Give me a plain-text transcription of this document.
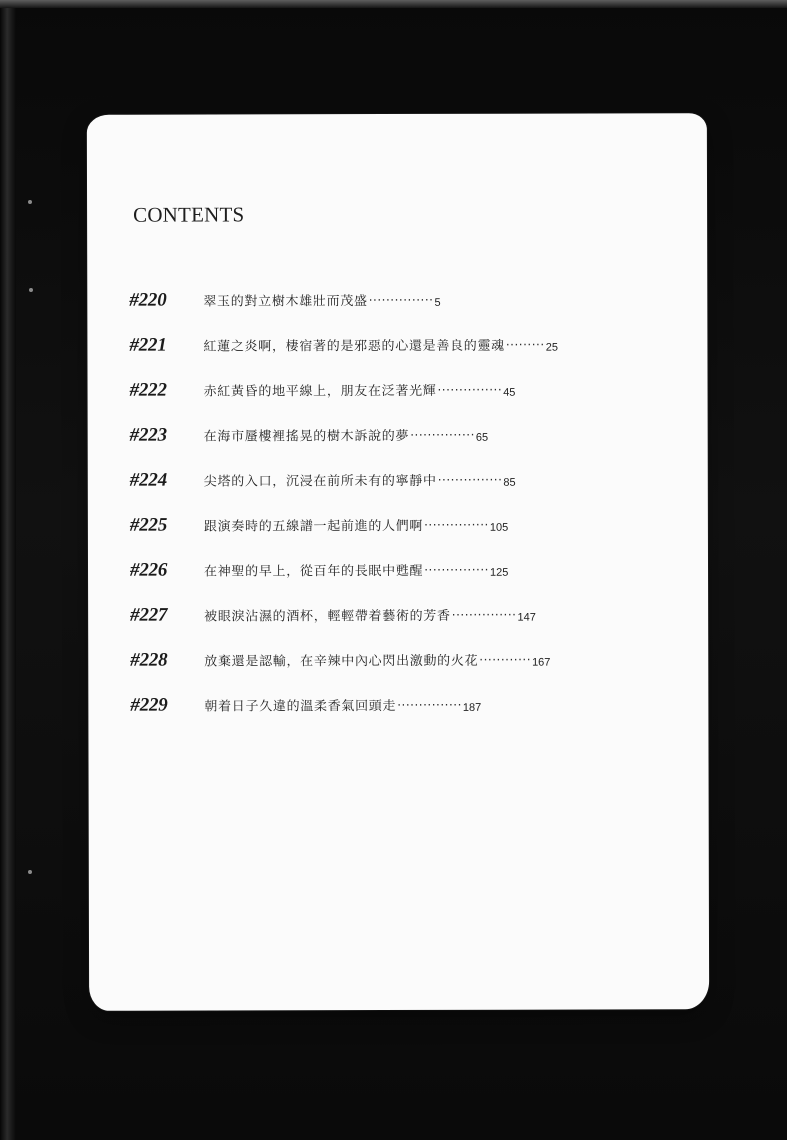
CONTENTS
#220	翠玉的對立樹木雄壯而茂盛 ··············· 5
#221	紅蓮之炎啊，棲宿著的是邪惡的心還是善良的靈魂 ········· 25
#222	赤紅黃昏的地平線上，朋友在泛著光輝 ··············· 45
#223	在海市蜃樓裡搖晃的樹木訴說的夢 ··············· 65
#224	尖塔的入口，沉浸在前所未有的寧靜中 ··············· 85
#225	跟演奏時的五線譜一起前進的人們啊 ··············· 105
#226	在神聖的早上，從百年的長眠中甦醒 ··············· 125
#227	被眼淚沾濕的酒杯，輕輕帶着藝術的芳香 ··············· 147
#228	放棄還是認輸，在辛辣中內心閃出激動的火花 ············ 167
#229	朝着日子久違的溫柔香氣回頭走 ··············· 187
